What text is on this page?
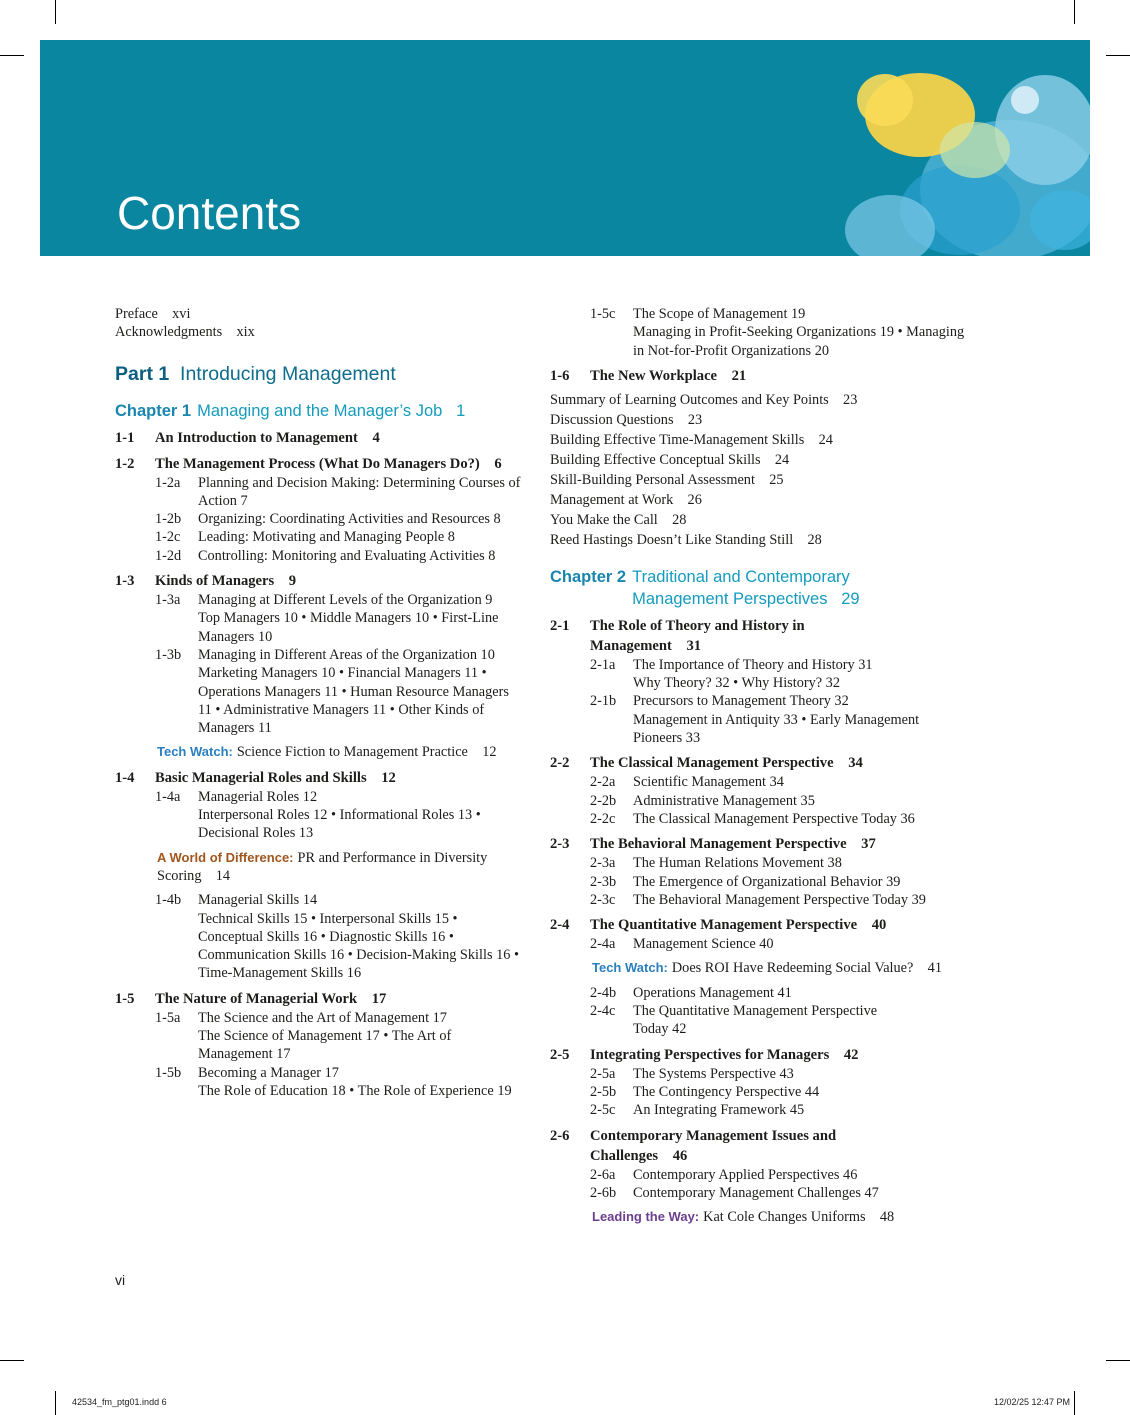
Contents

Preface xvi

Acknowledgments xix

Part 1 Introducing Management
Chapter 1 Managing and the Manager’s Job 1
1-1	An Introduction to Management 4
1-2	The Management Process (What Do Managers Do?) 6
1-2a	Planning and Decision Making: Determining Courses of Action 7
1-2b	Organizing: Coordinating Activities and Resources 8
1-2c	Leading: Motivating and Managing People 8
1-2d	Controlling: Monitoring and Evaluating Activities 8
1-3	Kinds of Managers 9
1-3a	Managing at Different Levels of the Organization 9
Top Managers 10 • Middle Managers 10 • First-Line Managers 10
1-3b	Managing in Different Areas of the Organization 10
Marketing Managers 10 • Financial Managers 11 • Operations Managers 11 • Human Resource Managers 11 • Administrative Managers 11 • Other Kinds of Managers 11
Tech Watch: Science Fiction to Management Practice 12
1-4	Basic Managerial Roles and Skills 12
1-4a	Managerial Roles 12
Interpersonal Roles 12 • Informational Roles 13 • Decisional Roles 13
A World of Difference: PR and Performance in Diversity Scoring 14
1-4b	Managerial Skills 14
Technical Skills 15 • Interpersonal Skills 15 • Conceptual Skills 16 • Diagnostic Skills 16 • Communication Skills 16 • Decision-Making Skills 16 • Time-Management Skills 16
1-5	The Nature of Managerial Work 17
1-5a	The Science and the Art of Management 17
The Science of Management 17 • The Art of Management 17
1-5b	Becoming a Manager 17
The Role of Education 18 • The Role of Experience 19
1-5c	The Scope of Management 19
Managing in Profit-Seeking Organizations 19 • Managing in Not-for-Profit Organizations 20
1-6	The New Workplace 21

Summary of Learning Outcomes and Key Points 23

Discussion Questions 23

Building Effective Time-Management Skills 24

Building Effective Conceptual Skills 24

Skill-Building Personal Assessment 25

Management at Work 26

You Make the Call 28

Reed Hastings Doesn’t Like Standing Still 28

Chapter 2 Traditional and Contemporary Management Perspectives 29
2-1	The Role of Theory and History in Management 31
2-1a	The Importance of Theory and History 31
Why Theory? 32 • Why History? 32
2-1b	Precursors to Management Theory 32
Management in Antiquity 33 • Early Management Pioneers 33
2-2	The Classical Management Perspective 34
2-2a	Scientific Management 34
2-2b	Administrative Management 35
2-2c	The Classical Management Perspective Today 36
2-3	The Behavioral Management Perspective 37
2-3a	The Human Relations Movement 38
2-3b	The Emergence of Organizational Behavior 39
2-3c	The Behavioral Management Perspective Today 39
2-4	The Quantitative Management Perspective 40
2-4a	Management Science 40
Tech Watch: Does ROI Have Redeeming Social Value? 41
2-4b	Operations Management 41
2-4c	The Quantitative Management Perspective Today 42
2-5	Integrating Perspectives for Managers 42
2-5a	The Systems Perspective 43
2-5b	The Contingency Perspective 44
2-5c	An Integrating Framework 45
2-6	Contemporary Management Issues and Challenges 46
2-6a	Contemporary Applied Perspectives 46
2-6b	Contemporary Management Challenges 47
Leading the Way: Kat Cole Changes Uniforms 48
vi
42534_fm_ptg01.indd 6	12/02/25 12:47 PM
